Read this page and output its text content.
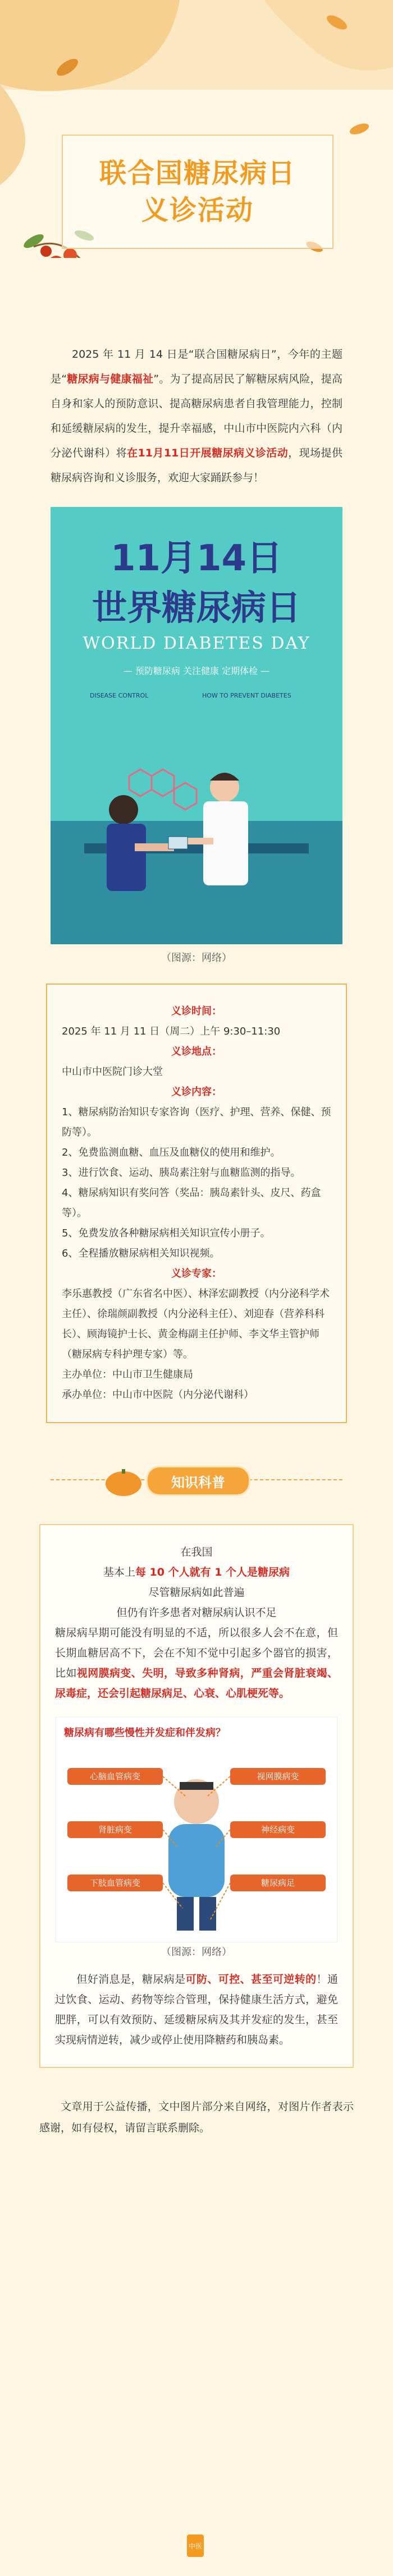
联合国糖尿病日
义诊活动

  2025 年 11 月 14 日是“联合国糖尿病日”，今年的主题是“糖尿病与健康福祉”。为了提高居民了解糖尿病风险，提高自身和家人的预防意识、提高糖尿病患者自我管理能力，控制和延缓糖尿病的发生，提升幸福感，中山市中医院内六科（内分泌代谢科）将在11月11日开展糖尿病义诊活动，现场提供糖尿病咨询和义诊服务，欢迎大家踊跃参与！

11月14日
世界糖尿病日
WORLD DIABETES DAY
— 预防糖尿病 关注健康 定期体检 —
DISEASE CONTROL	HOW TO PREVENT DIABETES

（图源：网络）

义诊时间：
2025 年 11 月 11 日（周二）上午 9:30–11:30
义诊地点：
中山市中医院门诊大堂
义诊内容：
1、糖尿病防治知识专家咨询（医疗、护理、营养、保健、预防等）。
2、免费监测血糖、血压及血糖仪的使用和维护。
3、进行饮食、运动、胰岛素注射与血糖监测的指导。
4、糖尿病知识有奖问答（奖品：胰岛素针头、皮尺、药盒等）。
5、免费发放各种糖尿病相关知识宣传小册子。
6、全程播放糖尿病相关知识视频。
义诊专家：
李乐惠教授（广东省名中医）、林泽宏副教授（内分泌科学术主任）、徐瑞颜副教授（内分泌科主任）、刘迎春（营养科科长）、顾海镜护士长、黄金梅副主任护师、李文华主管护师（糖尿病专科护理专家）等。
主办单位：中山市卫生健康局
承办单位：中山市中医院（内分泌代谢科）
知识科普

在我国

基本上每 10 个人就有 1 个人是糖尿病

尽管糖尿病如此普遍

但仍有许多患者对糖尿病认识不足

糖尿病早期可能没有明显的不适，所以很多人会不在意，但长期血糖居高不下，会在不知不觉中引起多个器官的损害，比如视网膜病变、失明，导致多种肾病，严重会肾脏衰竭、尿毒症，还会引起糖尿病足、心衰、心肌梗死等。

糖尿病有哪些慢性并发症和伴发病？
心脑血管病变	视网膜病变
肾脏病变	神经病变
下肢血管病变	糖尿病足

（图源：网络）

  但好消息是，糖尿病是可防、可控、甚至可逆转的！通过饮食、运动、药物等综合管理，保持健康生活方式，避免肥胖，可以有效预防、延缓糖尿病及其并发症的发生，甚至实现病情逆转，减少或停止使用降糖药和胰岛素。

文章用于公益传播，文中图片部分来自网络，对图片作者表示感谢，如有侵权，请留言联系删除。
中医
